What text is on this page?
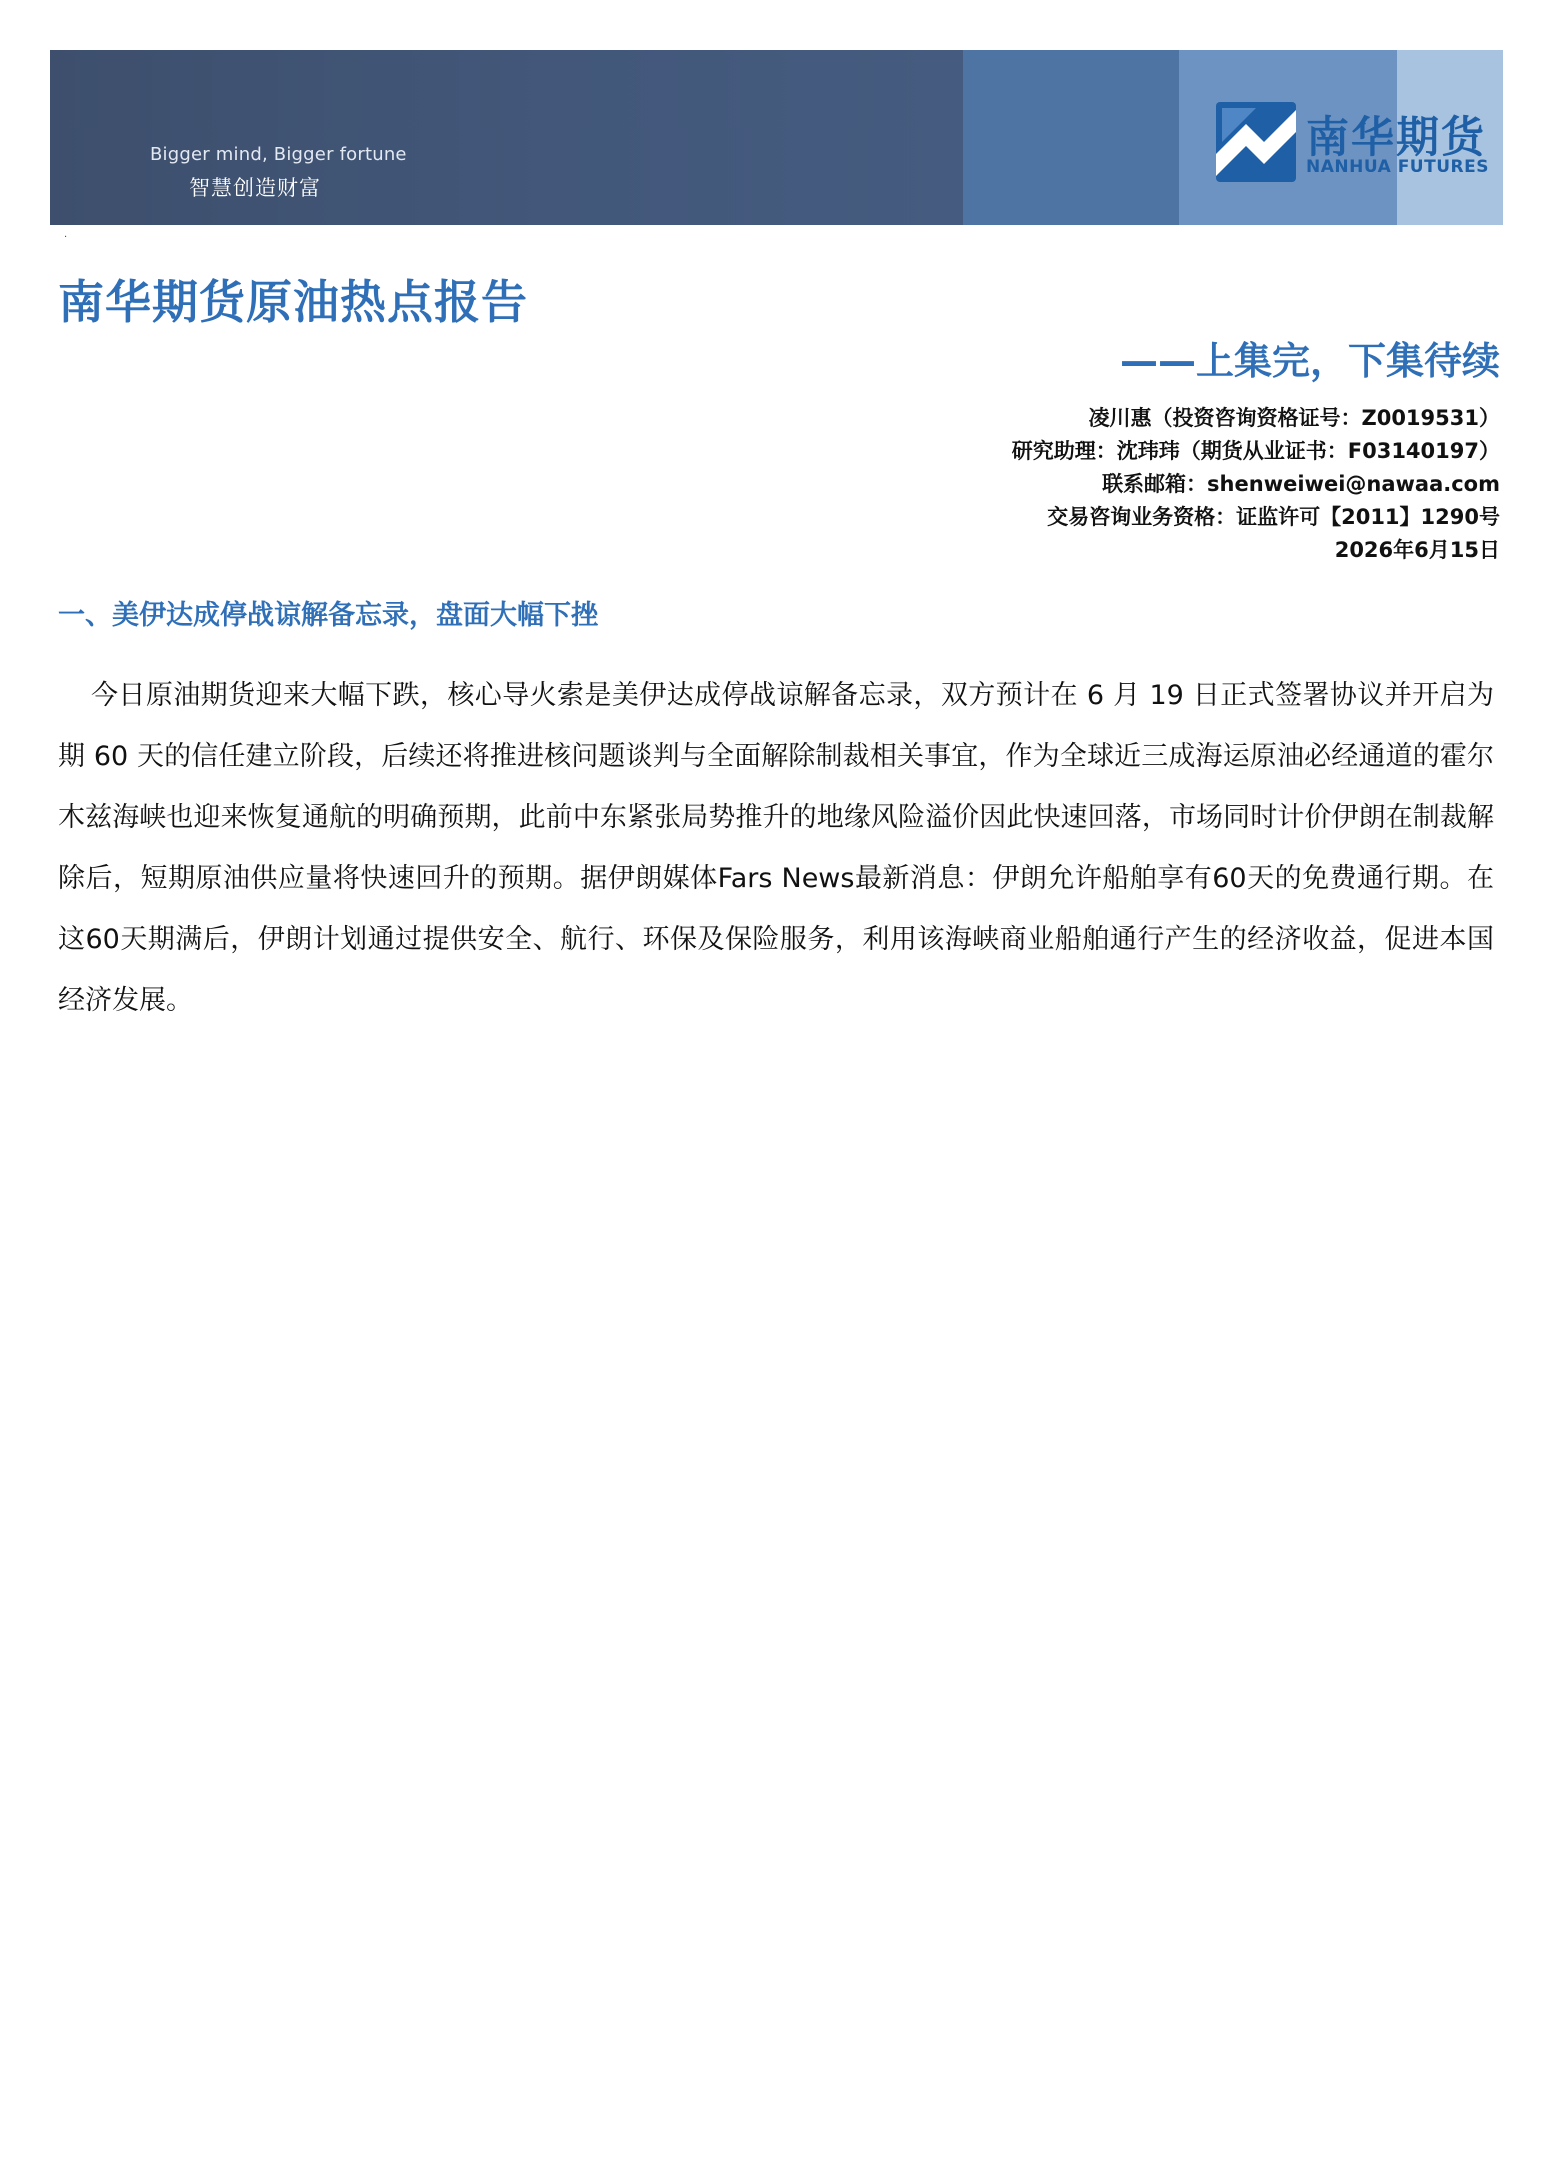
Bigger mind, Bigger fortune
智慧创造财富
南华期货
NANHUA FUTURES
·
南华期货原油热点报告
——上集完，下集待续
凌川惠（投资咨询资格证号：Z0019531）
研究助理：沈玮玮（期货从业证书：F03140197）
联系邮箱：shenweiwei@nawaa.com
交易咨询业务资格：证监许可【2011】1290号
2026年6月15日
一、美伊达成停战谅解备忘录，盘面大幅下挫
今日原油期货迎来大幅下跌，核心导火索是美伊达成停战谅解备忘录，双方预计在 6 月 19 日正式签署协议并开启为期 60 天的信任建立阶段，后续还将推进核问题谈判与全面解除制裁相关事宜，作为全球近三成海运原油必经通道的霍尔木兹海峡也迎来恢复通航的明确预期，此前中东紧张局势推升的地缘风险溢价因此快速回落，市场同时计价伊朗在制裁解除后，短期原油供应量将快速回升的预期。据伊朗媒体Fars News最新消息：伊朗允许船舶享有60天的免费通行期。在这60天期满后，伊朗计划通过提供安全、航行、环保及保险服务，利用该海峡商业船舶通行产生的经济收益，促进本国经济发展。
